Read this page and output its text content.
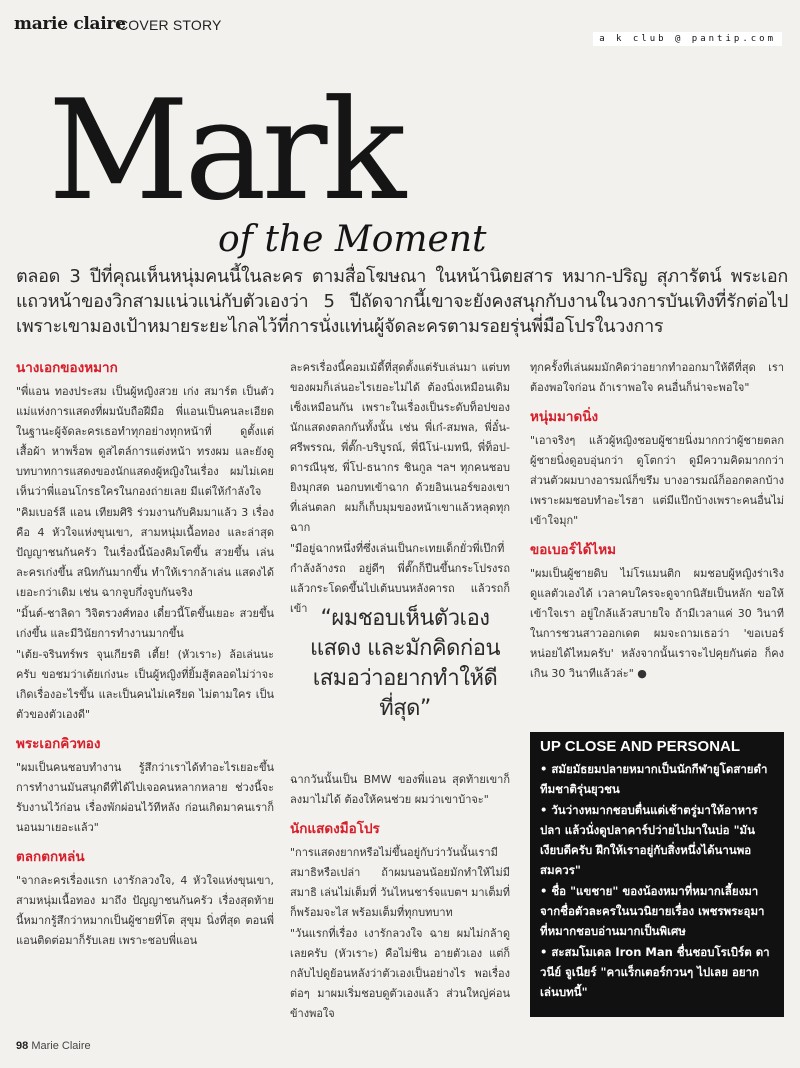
marie claire
COVER STORY
a k club @ pantip.com
Mark
of the Moment
ตลอด 3 ปีที่คุณเห็นหนุ่มคนนี้ในละคร ตามสื่อโฆษณา ในหน้านิตยสาร หมาก-ปริญ สุภารัตน์ พระเอกแถวหน้าของวิกสามแน่วแน่กับตัวเองว่า 5 ปีถัดจากนี้เขาจะยังคงสนุกกับงานในวงการบันเทิงที่รักต่อไป เพราะเขามองเป้าหมายระยะไกลไว้ที่การนั่งแท่นผู้จัดละครตามรอยรุ่นพี่มือโปรในวงการ
นางเอกของหมาก

"พี่แอน ทองประสม เป็นผู้หญิงสวย เก่ง สมาร์ต เป็นตัวแม่แห่งการแสดงที่ผมนับถือฝีมือ พี่แอนเป็นคนละเอียด ในฐานะผู้จัดละครเธอทำทุกอย่างทุกหน้าที่ ดูตั้งแต่เสื้อผ้า หาพร็อพ ดูสไตล์การแต่งหน้า ทรงผม และยังดูบทบาทการแสดงของนักแสดงผู้หญิงในเรื่อง ผมไม่เคยเห็นว่าพี่แอนโกรธใครในกองถ่ายเลย มีแต่ให้กำลังใจ

"คิมเบอร์ลี แอน เทียมศิริ ร่วมงานกับคิมมาแล้ว 3 เรื่อง คือ 4 หัวใจแห่งขุนเขา, สามหนุ่มเนื้อทอง และล่าสุด ปัญญาชนก้นครัว ในเรื่องนี้น้องคิมโตขึ้น สวยขึ้น เล่นละครเก่งขึ้น สนิทกันมากขึ้น ทำให้เรากล้าเล่น แสดงได้เยอะกว่าเดิม เช่น ฉากจูบกึ่งจูบกันจริง

"มิ้นต์-ชาลิดา วิจิตรวงศ์ทอง เดี๋ยวนี้โตขึ้นเยอะ สวยขึ้น เก่งขึ้น และมีวินัยการทำงานมากขึ้น

"เต้ย-จรินทร์พร จุนเกียรติ เตี้ย! (หัวเราะ) ล้อเล่นนะครับ ขอชมว่าเต้ยเก่งนะ เป็นผู้หญิงที่ยิ้มสู้ตลอดไม่ว่าจะเกิดเรื่องอะไรขึ้น และเป็นคนไม่เครียด ไม่ตามใคร เป็นตัวของตัวเองดี"

พระเอกคิวทอง

"ผมเป็นคนชอบทำงาน รู้สึกว่าเราได้ทำอะไรเยอะขึ้น การทำงานมันสนุกดีที่ได้ไปเจอคนหลากหลาย ช่วงนี้จะรับงานไว้ก่อน เรื่องพักผ่อนไว้ทีหลัง ก่อนเกิดมาคนเราก็นอนมาเยอะแล้ว"

ตลกตกหล่น

"จากละครเรื่องแรก เงารักลวงใจ, 4 หัวใจแห่งขุนเขา, สามหนุ่มเนื้อทอง มาถึง ปัญญาชนก้นครัว เรื่องสุดท้ายนี้หมากรู้สึกว่าหมากเป็นผู้ชายที่โต สุขุม นิ่งที่สุด ตอนพี่แอนติดต่อมาก็รับเลย เพราะชอบพี่แอน

ละครเรื่องนี้คอมเม้ดี้ที่สุดตั้งแต่รับเล่นมา แต่บทของผมก็เล่นอะไรเยอะไม่ได้ ต้องนิ่งเหมือนเดิมเซ็งเหมือนกัน เพราะในเรื่องเป็นระดับท็อปของนักแสดงตลกกันทั้งนั้น เช่น พี่เก๋-สมพล, พี่อั๋น-ศรีพรรณ, พี่ตั๊ก-บริบูรณ์, พี่นีโน่-เมทนี, พี่ท็อป-ดารณีนุช, พี่โป-ธนากร ชินกูล ฯลฯ ทุกคนชอบยิงมุกสด นอกบทเข้าฉาก ด้วยอินเนอร์ของเขาที่เล่นตลก ผมก็เก็บมุมของหน้าเขาแล้วหลุดทุกฉาก

"มีอยู่ฉากหนึ่งที่ซึ่งเล่นเป็นกะเทยเด็กยั่วพี่เป๊กที่กำลังล้างรถ อยู่ดีๆ พี่ตั๊กก็ปีนขึ้นกระโปรงรถแล้วกระโดดขึ้นไปเต้นบนหลังคารถ แล้วรถก็เข้า “ผมชอบเห็นตัวเองแสดง และมักคิดก่อนเสมอว่าอยากทำให้ดีที่สุด”

ฉากวันนั้นเป็น BMW ของพี่แอน สุดท้ายเขาก็ลงมาไม่ได้ ต้องให้คนช่วย ผมว่าเขาบ้าจะ"

นักแสดงมือโปร

"การแสดงยากหรือไม่ขึ้นอยู่กับว่าวันนั้นเรามีสมาธิหรือเปล่า ถ้าผมนอนน้อยมักทำให้ไม่มีสมาธิ เล่นไม่เต็มที่ วันไหนชาร์จแบตฯ มาเต็มที่ก็พร้อมจะไส พร้อมเต็มที่ทุกบทบาท

"วันแรกที่เรื่อง เงารักลวงใจ ฉาย ผมไม่กล้าดูเลยครับ (หัวเราะ) คือไม่ชิน อายตัวเอง แต่ก็กลับไปดูย้อนหลังว่าตัวเองเป็นอย่างไร พอเรื่องต่อๆ มาผมเริ่มชอบดูตัวเองแล้ว ส่วนใหญ่ค่อนข้างพอใจ

ทุกครั้งที่เล่นผมมักคิดว่าอยากทำออกมาให้ดีที่สุด เราต้องพอใจก่อน ถ้าเราพอใจ คนอื่นก็น่าจะพอใจ"

หนุ่มมาดนิ่ง

"เอาจริงๆ แล้วผู้หญิงชอบผู้ชายนิ่งมากกว่าผู้ชายตลก ผู้ชายนิ่งดูอบอุ่นกว่า ดูโตกว่า ดูมีความคิดมากกว่า ส่วนตัวผมบางอารมณ์ก็ขรึม บางอารมณ์ก็ออกตลกบ้าง เพราะผมชอบทำอะไรฮา แต่มีแป๊กบ้างเพราะคนอื่นไม่เข้าใจมุก"

ขอเบอร์ได้ไหม

"ผมเป็นผู้ชายดิบ ไม่โรแมนติก ผมชอบผู้หญิงร่าเริง ดูแลตัวเองได้ เวลาคบใครจะดูจากนิสัยเป็นหลัก ขอให้เข้าใจเรา อยู่ใกล้แล้วสบายใจ ถ้ามีเวลาแค่ 30 วินาทีในการชวนสาวออกเดต ผมจะถามเธอว่า 'ขอเบอร์หน่อยได้ไหมครับ' หลังจากนั้นเราจะไปคุยกันต่อ ก็คงเกิน 30 วินาทีแล้วล่ะ" ●

UP CLOSE AND PERSONAL
• สมัยมัธยมปลายหมากเป็นนักกีฬายูโดสายดำทีมชาติรุ่นยุวชน
• วันว่างหมากชอบตื่นแต่เช้าตรู่มาให้อาหารปลา แล้วนั่งดูปลาคาร์ปว่ายไปมาในบ่อ "มันเงียบดีครับ ฝึกให้เราอยู่กับสิ่งหนึ่งได้นานพอสมควร"
• ชื่อ "แขชาย" ของน้องหมาที่หมากเลี้ยงมาจากชื่อตัวละครในนวนิยายเรื่อง เพชรพระอุมา ที่หมากชอบอ่านมากเป็นพิเศษ
• สะสมโมเดล Iron Man ชื่นชอบโรเบิร์ต ดาวนีย์ จูเนียร์ "คาแร็กเตอร์กวนๆ ไปเลย อยากเล่นบทนี้"
98 Marie Claire
